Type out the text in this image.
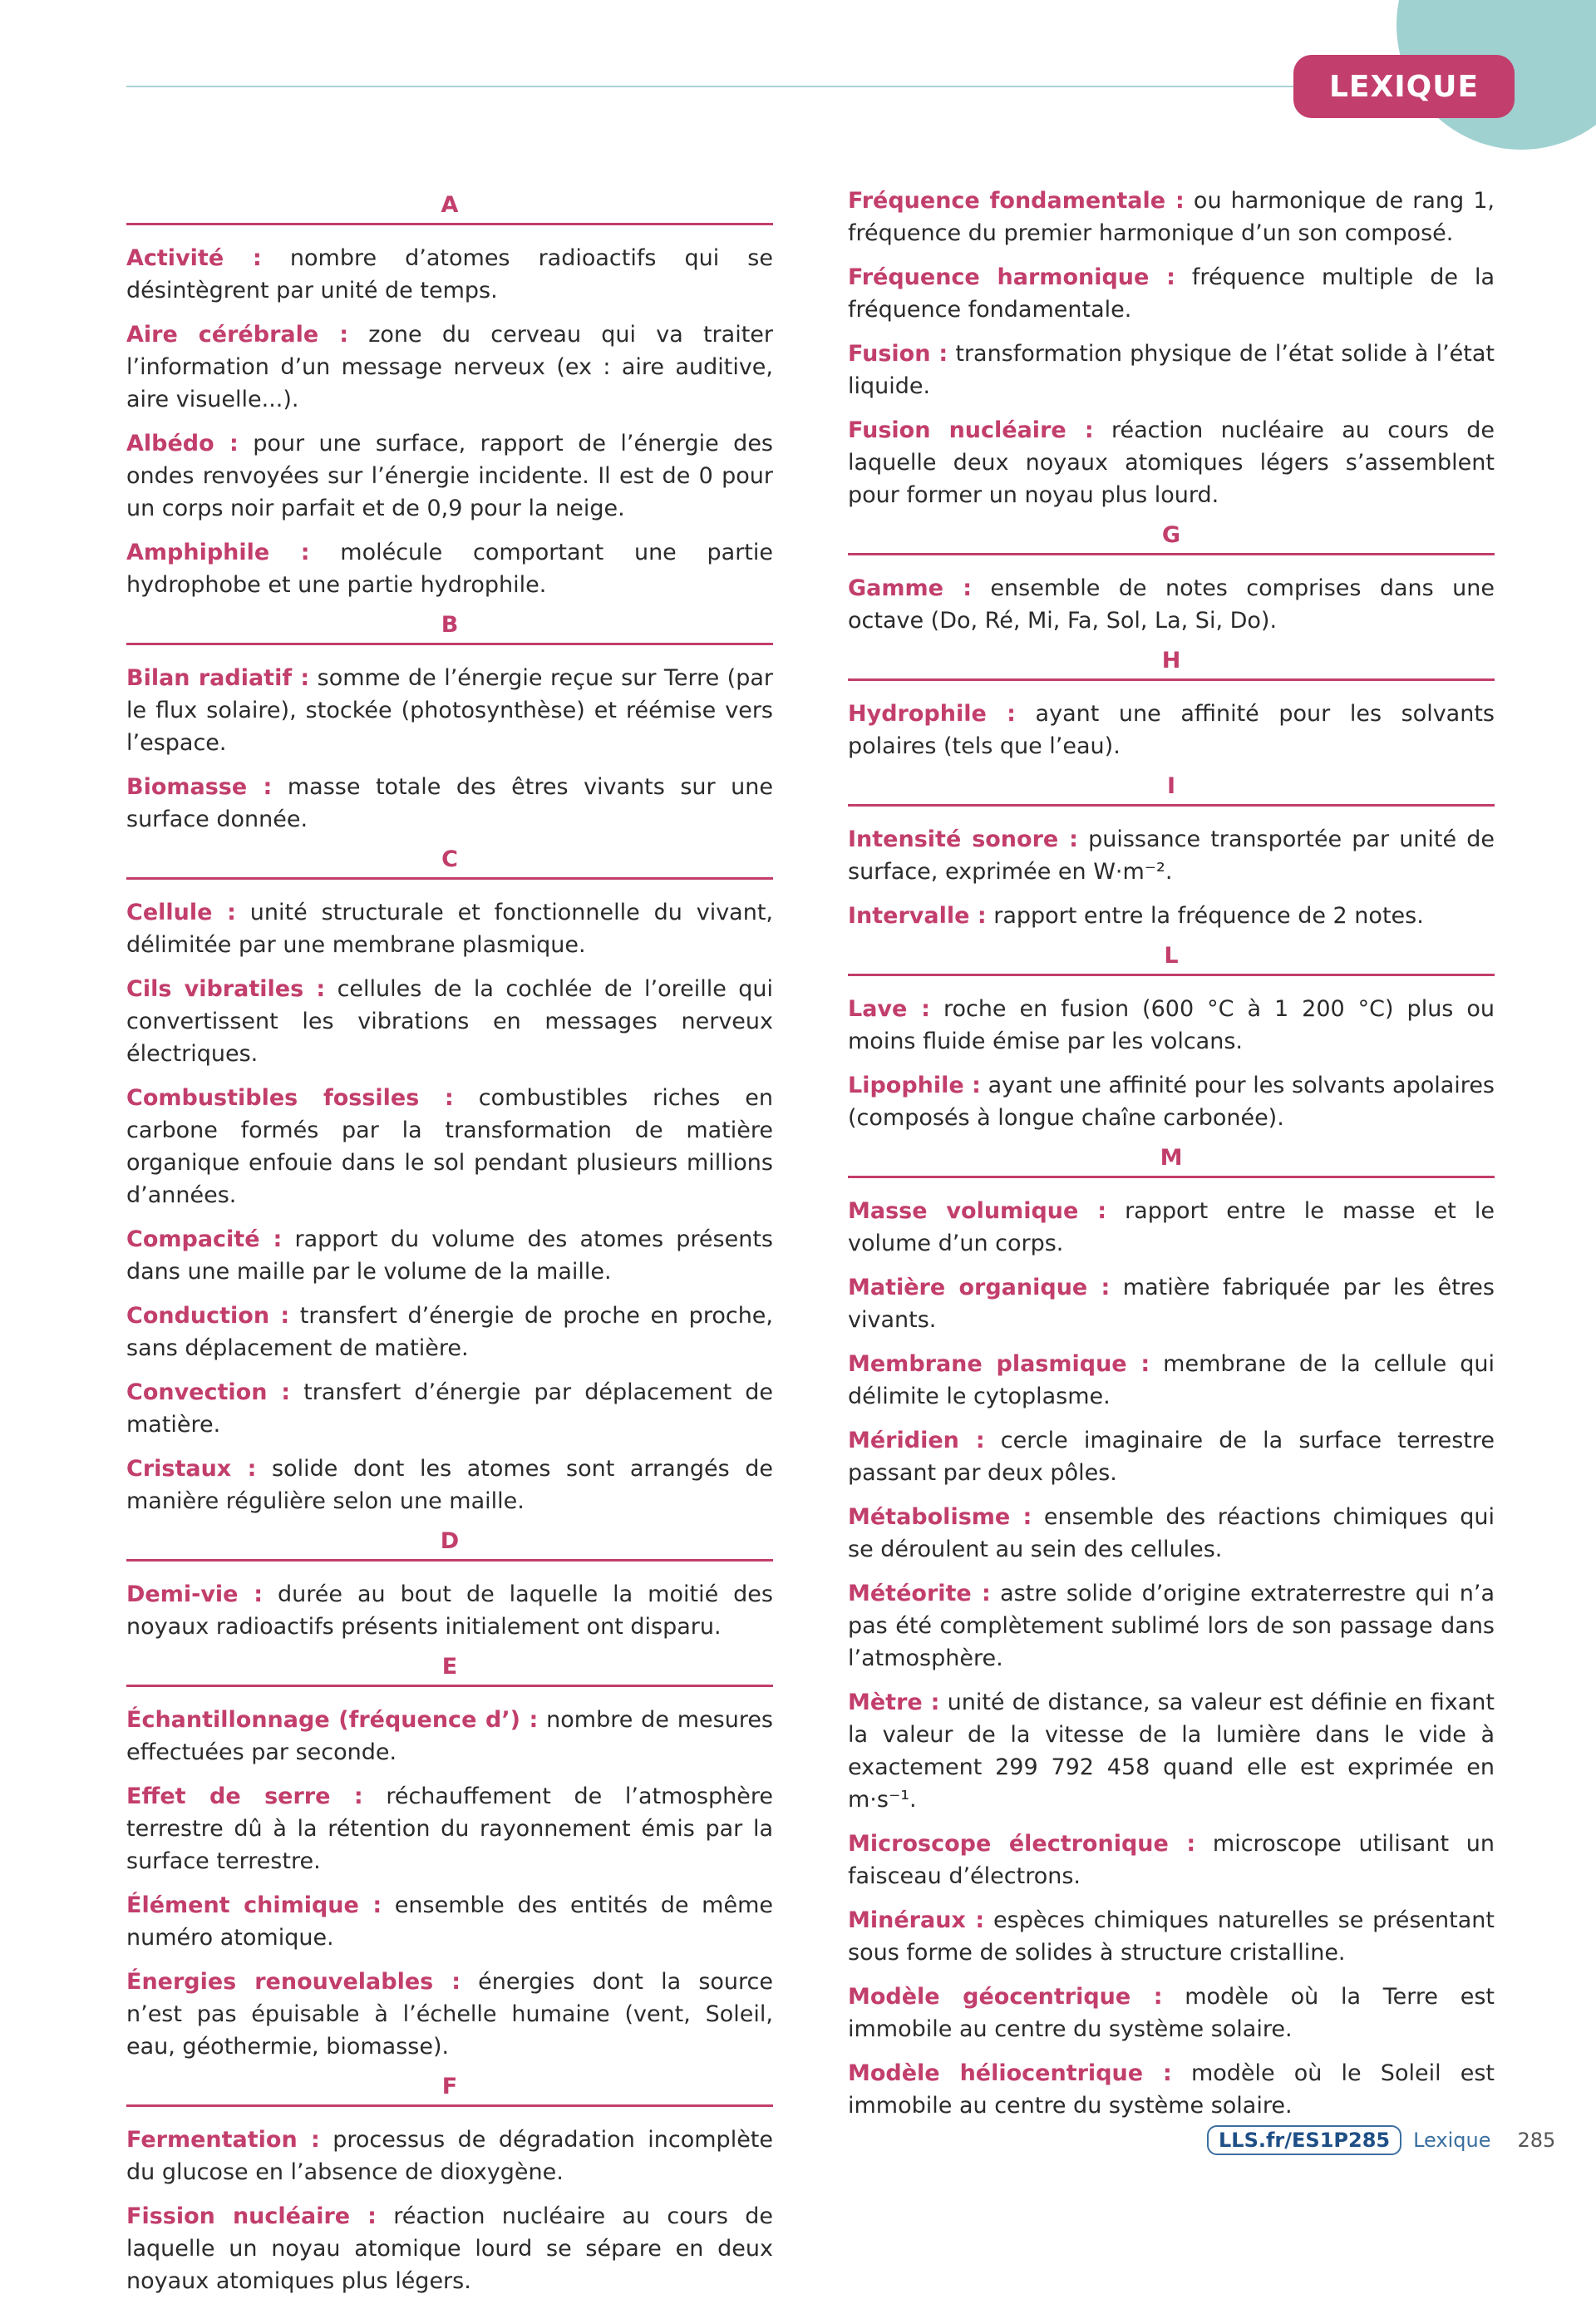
LEXIQUE
A

Activité : nombre d’atomes radioactifs qui se désintègrent par unité de temps.

Aire cérébrale : zone du cerveau qui va traiter l’information d’un message nerveux (ex : aire auditive, aire visuelle...).

Albédo : pour une surface, rapport de l’énergie des ondes renvoyées sur l’énergie incidente. Il est de 0 pour un corps noir parfait et de 0,9 pour la neige.

Amphiphile : molécule comportant une partie hydrophobe et une partie hydrophile.

B

Bilan radiatif : somme de l’énergie reçue sur Terre (par le flux solaire), stockée (photosynthèse) et réémise vers l’espace.

Biomasse : masse totale des êtres vivants sur une surface donnée.

C

Cellule : unité structurale et fonctionnelle du vivant, délimitée par une membrane plasmique.

Cils vibratiles : cellules de la cochlée de l’oreille qui convertissent les vibrations en messages nerveux électriques.

Combustibles fossiles : combustibles riches en carbone formés par la transformation de matière organique enfouie dans le sol pendant plusieurs millions d’années.

Compacité : rapport du volume des atomes présents dans une maille par le volume de la maille.

Conduction : transfert d’énergie de proche en proche, sans déplacement de matière.

Convection : transfert d’énergie par déplacement de matière.

Cristaux : solide dont les atomes sont arrangés de manière régulière selon une maille.

D

Demi-vie : durée au bout de laquelle la moitié des noyaux radioactifs présents initialement ont disparu.

E

Échantillonnage (fréquence d’) : nombre de mesures effectuées par seconde.

Effet de serre : réchauffement de l’atmosphère terrestre dû à la rétention du rayonnement émis par la surface terrestre.

Élément chimique : ensemble des entités de même numéro atomique.

Énergies renouvelables : énergies dont la source n’est pas épuisable à l’échelle humaine (vent, Soleil, eau, géothermie, biomasse).

F

Fermentation : processus de dégradation incomplète du glucose en l’absence de dioxygène.

Fission nucléaire : réaction nucléaire au cours de laquelle un noyau atomique lourd se sépare en deux noyaux atomiques plus légers.

Fréquence fondamentale : ou harmonique de rang 1, fréquence du premier harmonique d’un son composé.

Fréquence harmonique : fréquence multiple de la fréquence fondamentale.

Fusion : transformation physique de l’état solide à l’état liquide.

Fusion nucléaire : réaction nucléaire au cours de laquelle deux noyaux atomiques légers s’assemblent pour former un noyau plus lourd.

G

Gamme : ensemble de notes comprises dans une octave (Do, Ré, Mi, Fa, Sol, La, Si, Do).

H

Hydrophile : ayant une affinité pour les solvants polaires (tels que l’eau).

I

Intensité sonore : puissance transportée par unité de surface, exprimée en W·m⁻².

Intervalle : rapport entre la fréquence de 2 notes.

L

Lave : roche en fusion (600 °C à 1 200 °C) plus ou moins fluide émise par les volcans.

Lipophile : ayant une affinité pour les solvants apolaires (composés à longue chaîne carbonée).

M

Masse volumique : rapport entre le masse et le volume d’un corps.

Matière organique : matière fabriquée par les êtres vivants.

Membrane plasmique : membrane de la cellule qui délimite le cytoplasme.

Méridien : cercle imaginaire de la surface terrestre passant par deux pôles.

Métabolisme : ensemble des réactions chimiques qui se déroulent au sein des cellules.

Météorite : astre solide d’origine extraterrestre qui n’a pas été complètement sublimé lors de son passage dans l’atmosphère.

Mètre : unité de distance, sa valeur est définie en fixant la valeur de la vitesse de la lumière dans le vide à exactement 299 792 458 quand elle est exprimée en m·s⁻¹.

Microscope électronique : microscope utilisant un faisceau d’électrons.

Minéraux : espèces chimiques naturelles se présentant sous forme de solides à structure cristalline.

Modèle géocentrique : modèle où la Terre est immobile au centre du système solaire.

Modèle héliocentrique : modèle où le Soleil est immobile au centre du système solaire.

LLS.fr/ES1P285	Lexique 285
